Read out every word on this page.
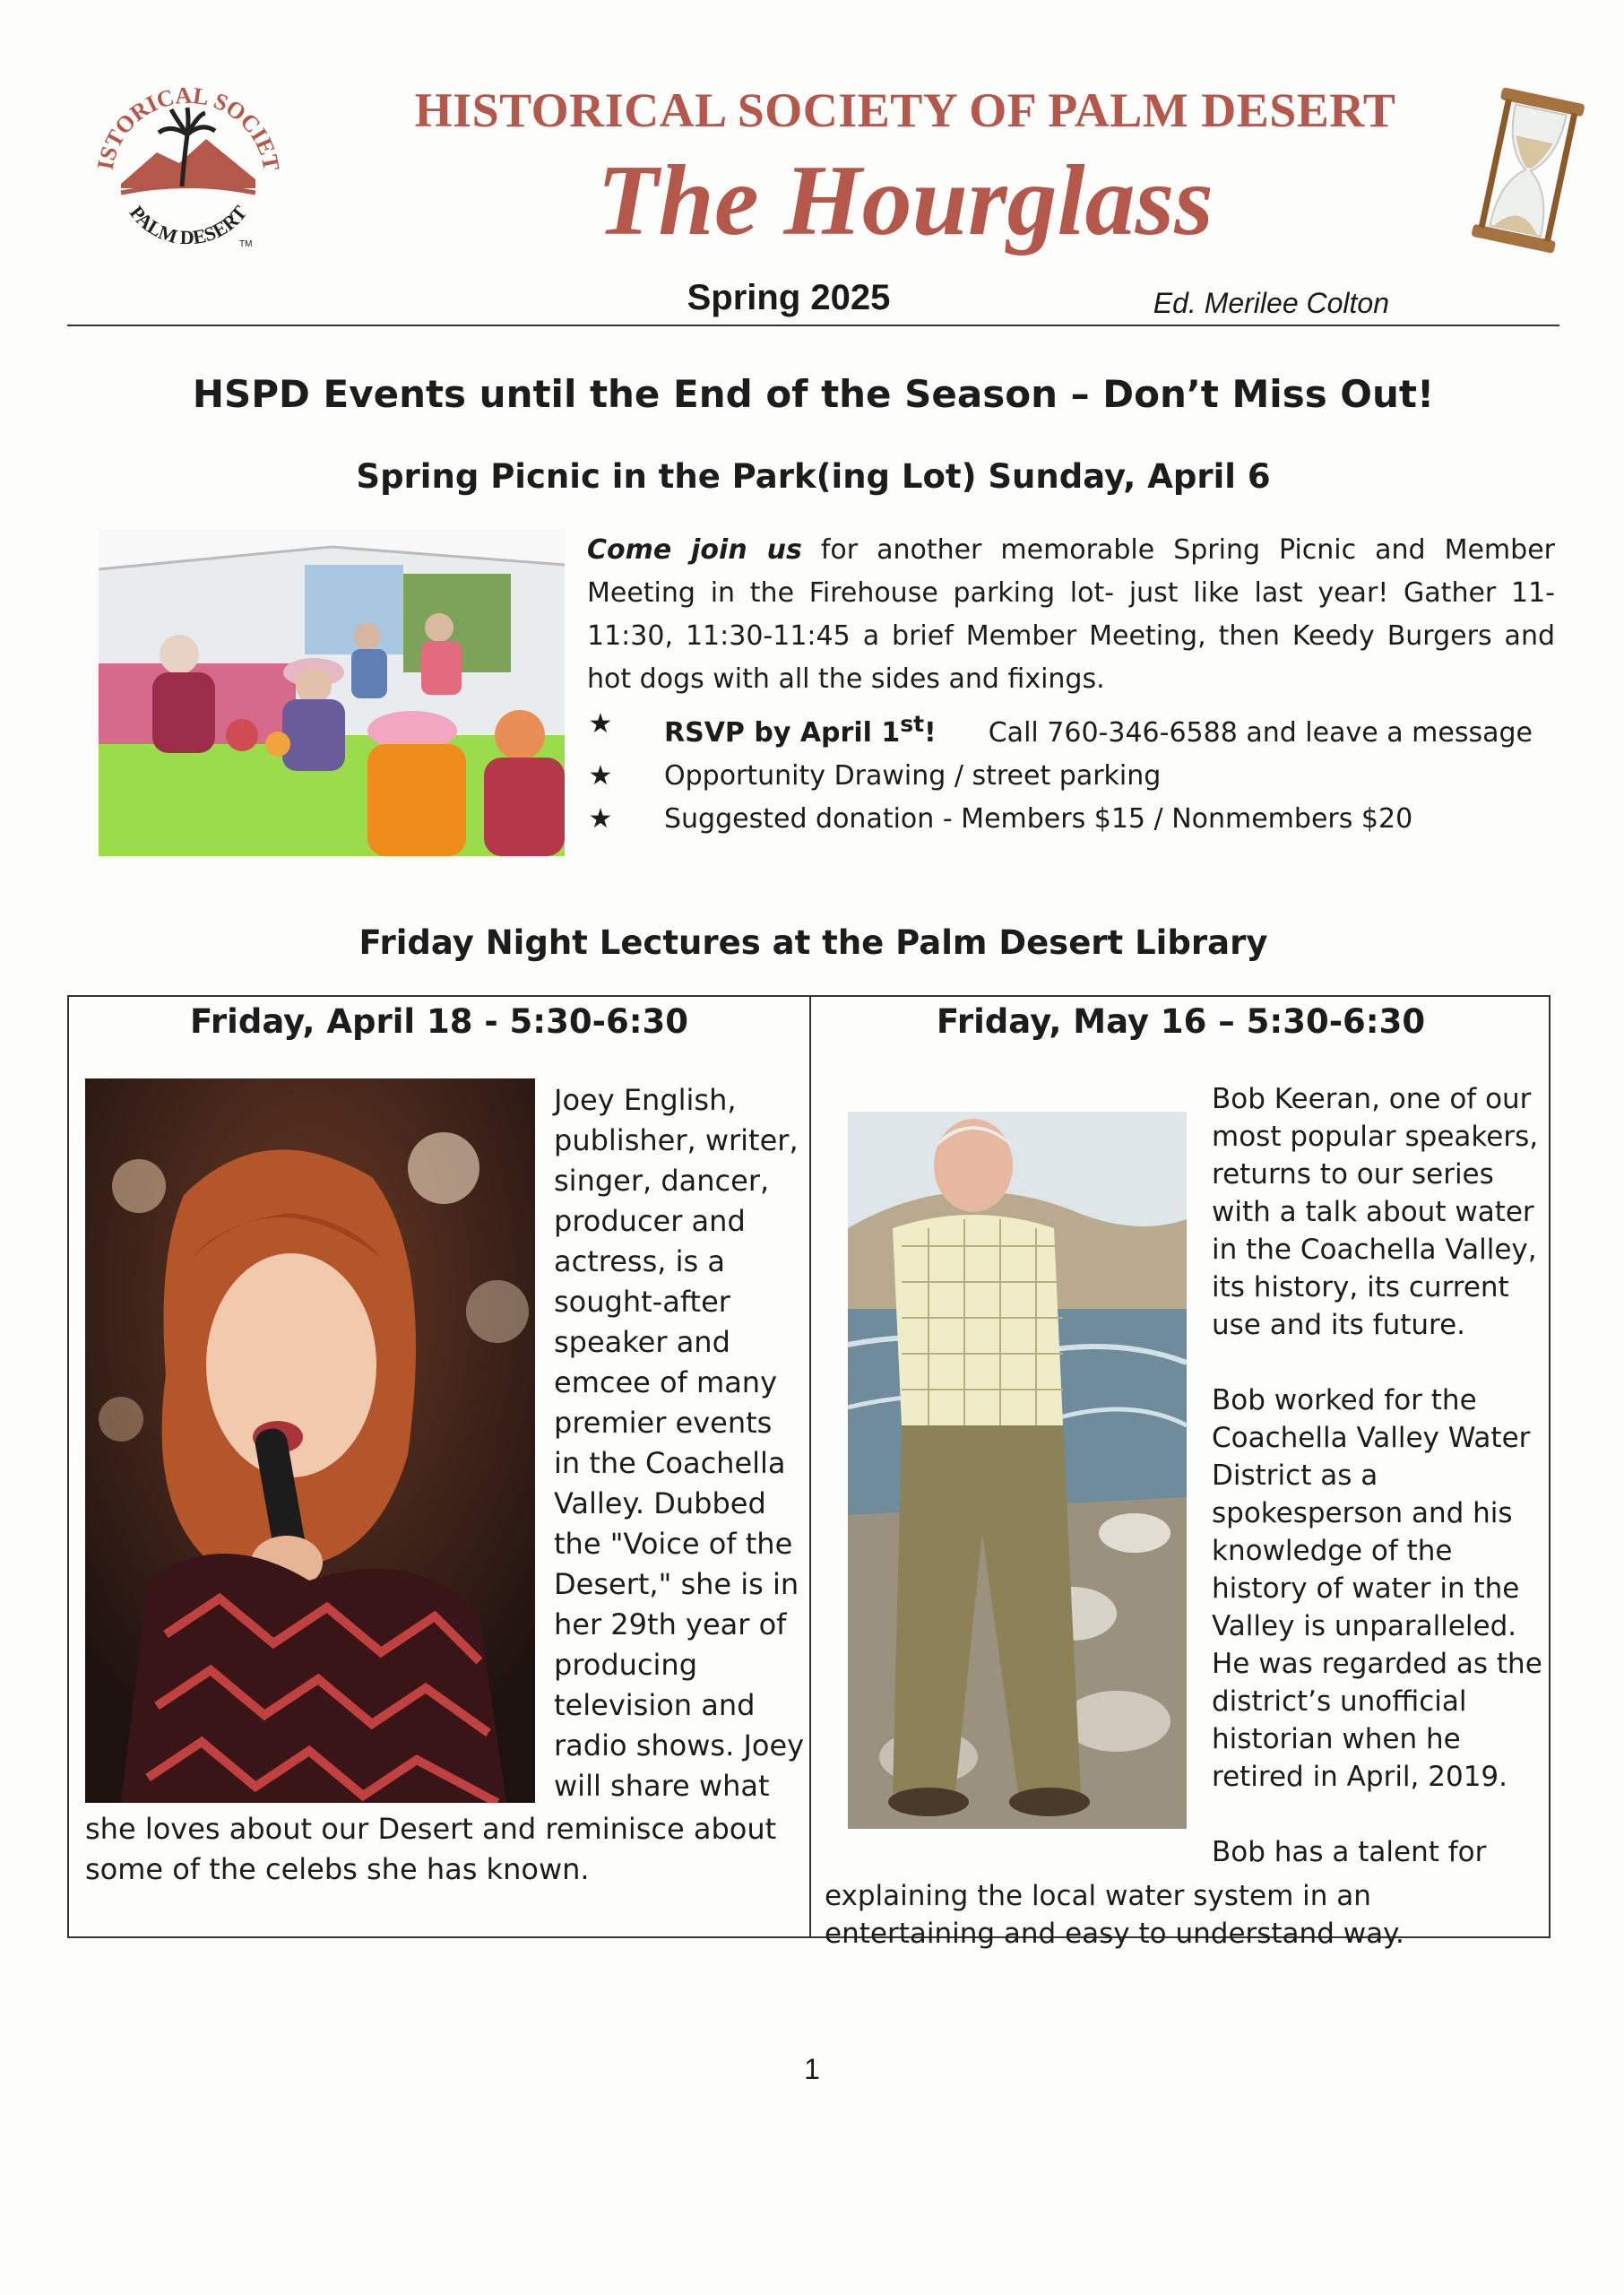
ISTORICAL SOCIET
PALM DESERT
TM
HISTORICAL SOCIETY OF PALM DESERT
The Hourglass
Spring 2025	Ed. Merilee Colton
HSPD Events until the End of the Season – Don’t Miss Out!
Spring Picnic in the Park(ing Lot) Sunday, April 6
Come join us for another memorable Spring Picnic and Member Meeting in the Firehouse parking lot- just like last year! Gather 11-11:30, 11:30-11:45 a brief Member Meeting, then Keedy Burgers and hot dogs with all the sides and fixings.
★ RSVP by April 1st! Call 760-346-6588 and leave a message
★ Opportunity Drawing / street parking
★ Suggested donation - Members $15 / Nonmembers $20
Friday Night Lectures at the Palm Desert Library
Friday, April 18 - 5:30-6:30	Friday, May 16 – 5:30-6:30
Joey English, publisher, writer, singer, dancer, producer and actress, is a sought-after speaker and emcee of many premier events in the Coachella Valley. Dubbed the "Voice of the Desert," she is in her 29th year of producing television and radio shows. Joey will share what
she loves about our Desert and reminisce about some of the celebs she has known.

Bob Keeran, one of our most popular speakers, returns to our series with a talk about water in the Coachella Valley, its history, its current use and its future.

Bob worked for the Coachella Valley Water District as a spokesperson and his knowledge of the history of water in the Valley is unparalleled. He was regarded as the district’s unofficial historian when he retired in April, 2019.

Bob has a talent for

explaining the local water system in an entertaining and easy to understand way.
1
